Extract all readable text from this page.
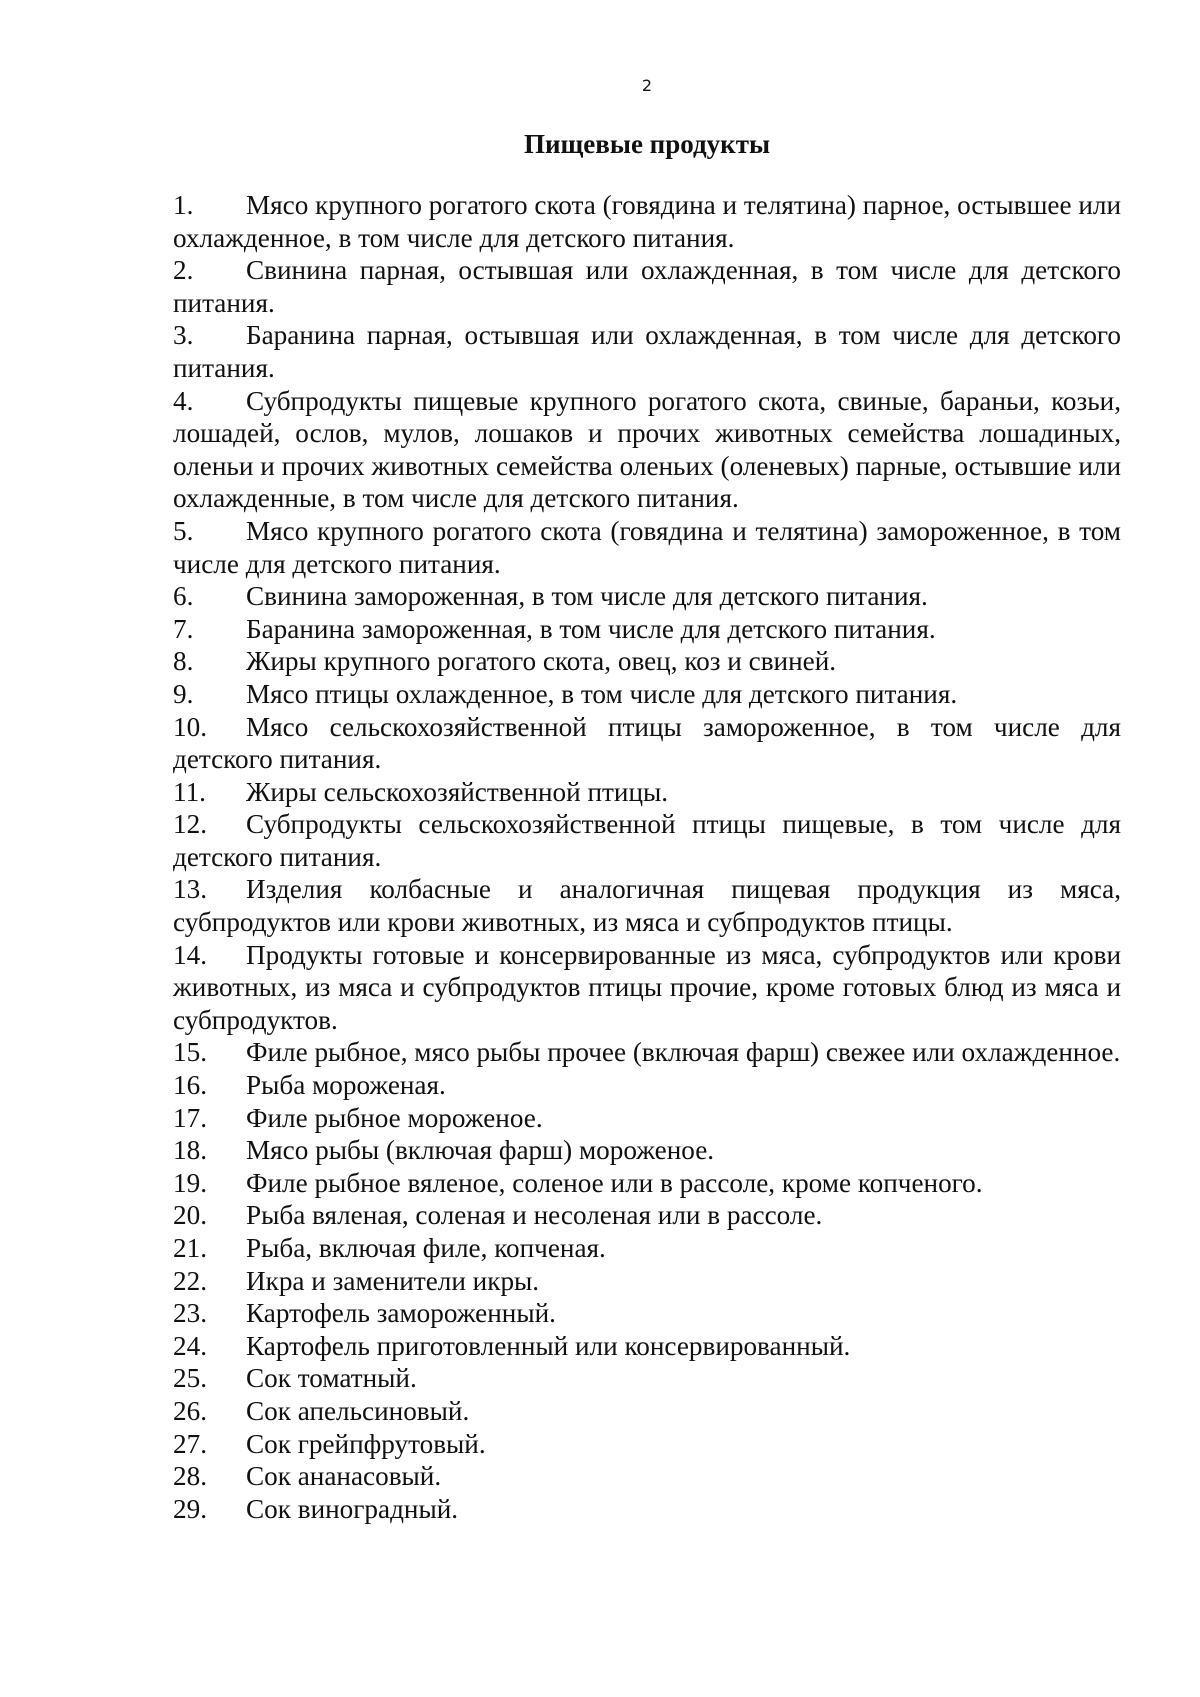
2
Пищевые продукты
1. Мясо крупного рогатого скота (говядина и телятина) парное, остывшее или охлажденное, в том числе для детского питания.
2. Свинина парная, остывшая или охлажденная, в том числе для детского питания.
3. Баранина парная, остывшая или охлажденная, в том числе для детского питания.
4. Субпродукты пищевые крупного рогатого скота, свиные, бараньи, козьи, лошадей, ослов, мулов, лошаков и прочих животных семейства лошадиных, оленьи и прочих животных семейства оленьих (оленевых) парные, остывшие или охлажденные, в том числе для детского питания.
5. Мясо крупного рогатого скота (говядина и телятина) замороженное, в том числе для детского питания.
6. Свинина замороженная, в том числе для детского питания.
7. Баранина замороженная, в том числе для детского питания.
8. Жиры крупного рогатого скота, овец, коз и свиней.
9. Мясо птицы охлажденное, в том числе для детского питания.
10. Мясо сельскохозяйственной птицы замороженное, в том числе для детского питания.
11. Жиры сельскохозяйственной птицы.
12. Субпродукты сельскохозяйственной птицы пищевые, в том числе для детского питания.
13. Изделия колбасные и аналогичная пищевая продукция из мяса, субпродуктов или крови животных, из мяса и субпродуктов птицы.
14. Продукты готовые и консервированные из мяса, субпродуктов или крови животных, из мяса и субпродуктов птицы прочие, кроме готовых блюд из мяса и субпродуктов.
15. Филе рыбное, мясо рыбы прочее (включая фарш) свежее или охлажденное.
16. Рыба мороженая.
17. Филе рыбное мороженое.
18. Мясо рыбы (включая фарш) мороженое.
19. Филе рыбное вяленое, соленое или в рассоле, кроме копченого.
20. Рыба вяленая, соленая и несоленая или в рассоле.
21. Рыба, включая филе, копченая.
22. Икра и заменители икры.
23. Картофель замороженный.
24. Картофель приготовленный или консервированный.
25. Сок томатный.
26. Сок апельсиновый.
27. Сок грейпфрутовый.
28. Сок ананасовый.
29. Сок виноградный.
